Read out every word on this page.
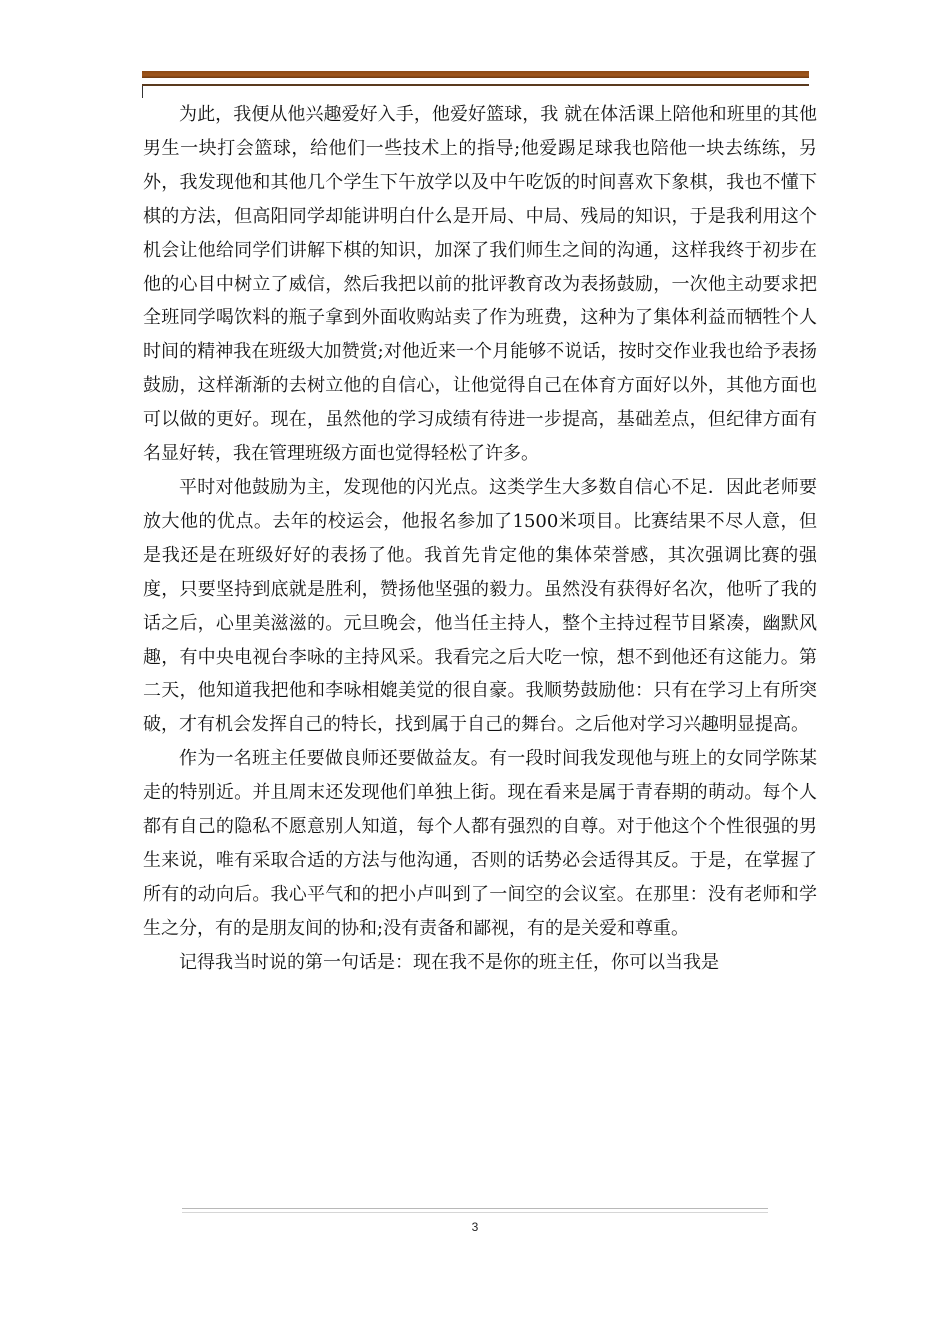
为此，我便从他兴趣爱好入手，他爱好篮球，我 就在体活课上陪他和班里的其他男生一块打会篮球，给他们一些技术上的指导;他爱踢足球我也陪他一块去练练，另外，我发现他和其他几个学生下午放学以及中午吃饭的时间喜欢下象棋，我也不懂下棋的方法，但高阳同学却能讲明白什么是开局、中局、残局的知识，于是我利用这个机会让他给同学们讲解下棋的知识，加深了我们师生之间的沟通，这样我终于初步在他的心目中树立了威信，然后我把以前的批评教育改为表扬鼓励，一次他主动要求把全班同学喝饮料的瓶子拿到外面收购站卖了作为班费，这种为了集体利益而牺牲个人时间的精神我在班级大加赞赏;对他近来一个月能够不说话，按时交作业我也给予表扬鼓励，这样渐渐的去树立他的自信心，让他觉得自己在体育方面好以外，其他方面也可以做的更好。现在，虽然他的学习成绩有待进一步提高，基础差点，但纪律方面有名显好转，我在管理班级方面也觉得轻松了许多。

平时对他鼓励为主，发现他的闪光点。这类学生大多数自信心不足．因此老师要放大他的优点。去年的校运会，他报名参加了1500米项目。比赛结果不尽人意，但是我还是在班级好好的表扬了他。我首先肯定他的集体荣誉感，其次强调比赛的强度，只要坚持到底就是胜利，赞扬他坚强的毅力。虽然没有获得好名次，他听了我的话之后，心里美滋滋的。元旦晚会，他当任主持人，整个主持过程节目紧凑，幽默风趣，有中央电视台李咏的主持风采。我看完之后大吃一惊，想不到他还有这能力。第二天，他知道我把他和李咏相媲美觉的很自豪。我顺势鼓励他：只有在学习上有所突破，才有机会发挥自己的特长，找到属于自己的舞台。之后他对学习兴趣明显提高。

作为一名班主任要做良师还要做益友。有一段时间我发现他与班上的女同学陈某走的特别近。并且周末还发现他们单独上街。现在看来是属于青春期的萌动。每个人都有自己的隐私不愿意别人知道，每个人都有强烈的自尊。对于他这个个性很强的男生来说，唯有采取合适的方法与他沟通，否则的话势必会适得其反。于是，在掌握了所有的动向后。我心平气和的把小卢叫到了一间空的会议室。在那里：没有老师和学生之分，有的是朋友间的协和;没有责备和鄙视，有的是关爱和尊重。

记得我当时说的第一句话是：现在我不是你的班主任，你可以当我是

3
